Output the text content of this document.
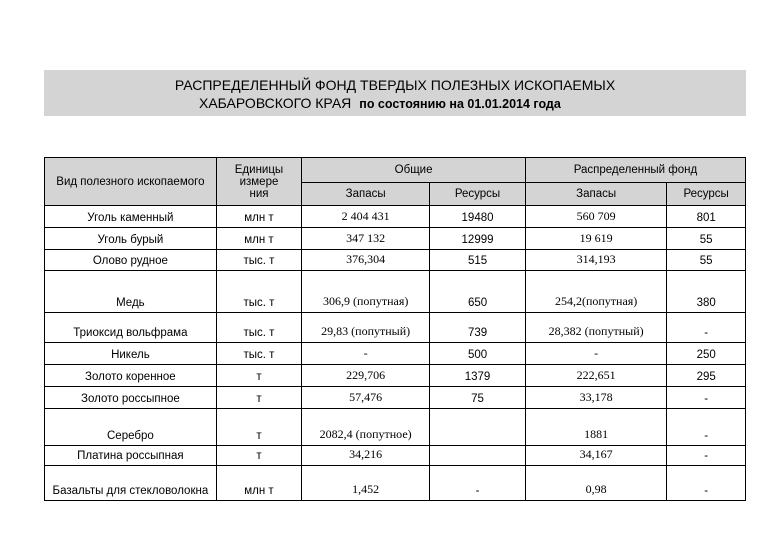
РАСПРЕДЕЛЕННЫЙ ФОНД ТВЕРДЫХ ПОЛЕЗНЫХ ИСКОПАЕМЫХ
ХАБАРОВСКОГО КРАЯ по состоянию на 01.01.2014 года
Вид полезного ископаемого	Единицы измере ния	Общие		Распределенный фонд	
		Запасы	Ресурсы	Запасы	Ресурсы
Уголь каменный	млн т	2 404 431	19480	560 709	801
Уголь бурый	млн т	347 132	12999	19 619	55
Олово рудное	тыс. т	376,304	515	314,193	55
Медь	тыс. т	306,9 (попутная)	650	254,2(попутная)	380
Триоксид вольфрама	тыс. т	29,83 (попутный)	739	28,382 (попутный)	-
Никель	тыс. т	-	500	-	250
Золото коренное	т	229,706	1379	222,651	295
Золото россыпное	т	57,476	75	33,178	-
Серебро	т	2082,4 (попутное)		1881	-
Платина россыпная	т	34,216		34,167	-
Базальты для стекловолокна	млн т	1,452	-	0,98	-
